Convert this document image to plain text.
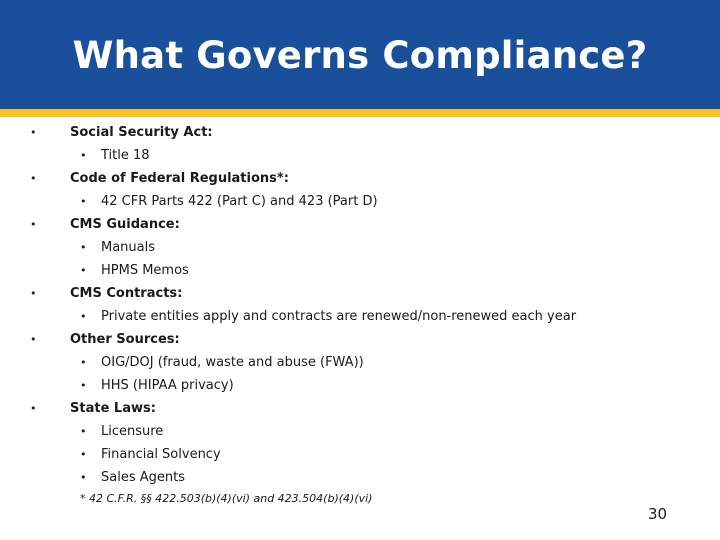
What Governs Compliance?
•
•
•
•
•
•
Social Security Act:
• Title 18
Code of Federal Regulations*:
• 42 CFR Parts 422 (Part C) and 423 (Part D)
CMS Guidance:
• Manuals
• HPMS Memos
CMS Contracts:
• Private entities apply and contracts are renewed/non-renewed each year
Other Sources:
• OIG/DOJ (fraud, waste and abuse (FWA))
• HHS (HIPAA privacy)
State Laws:
• Licensure
• Financial Solvency
• Sales Agents
* 42 C.F.R. §§ 422.503(b)(4)(vi) and 423.504(b)(4)(vi)
30
